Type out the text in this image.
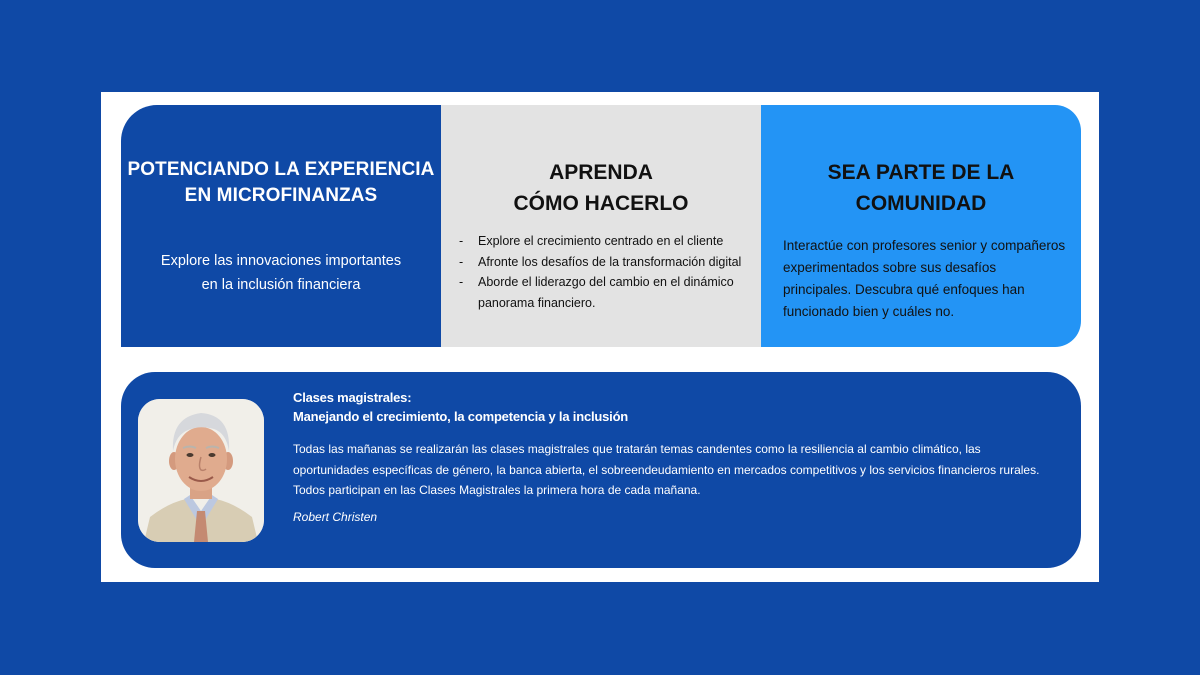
POTENCIANDO LA EXPERIENCIA
EN MICROFINANZAS

Explore las innovaciones importantes
en la inclusión financiera

APRENDA
CÓMO HACERLO
- Explore el crecimiento centrado en el cliente
- Afronte los desafíos de la transformación digital
- Aborde el liderazgo del cambio en el dinámico panorama financiero.
SEA PARTE DE LA
COMUNIDAD

Interactúe con profesores senior y compañeros experimentados sobre sus desafíos principales. Descubra qué enfoques han funcionado bien y cuáles no.

Clases magistrales:
Manejando el crecimiento, la competencia y la inclusión
Todas las mañanas se realizarán las clases magistrales que tratarán temas candentes como la resiliencia al cambio climático, las oportunidades específicas de género, la banca abierta, el sobreendeudamiento en mercados competitivos y los servicios financieros rurales. Todos participan en las Clases Magistrales la primera hora de cada mañana.
Robert Christen
